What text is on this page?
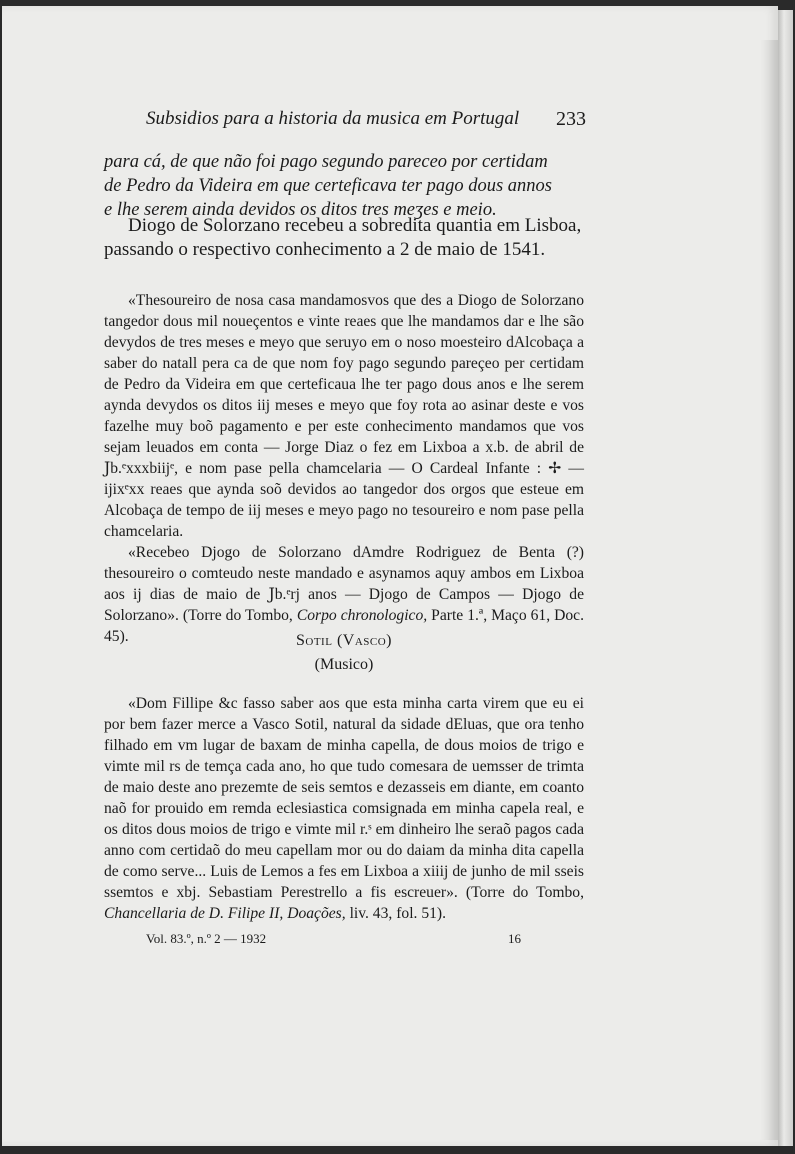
Subsidios para a historia da musica em Portugal 233
para cá, de que não foi pago segundo pareceo por certidam
de Pedro da Videira em que certeficava ter pago dous annos
e lhe serem ainda devidos os ditos tres meʒes e meio.
Diogo de Solorzano recebeu a sobredita quantia em Lisboa, passando o respectivo conhecimento a 2 de maio de 1541.

«Thesoureiro de nosa casa mandamosvos que des a Diogo de Solorzano tangedor dous mil noueçentos e vinte reaes que lhe mandamos dar e lhe são devydos de tres meses e meyo que seruyo em o noso moesteiro dAlcobaça a saber do natall pera ca de que nom foy pago segundo pareçeo per certidam de Pedro da Videira em que certeficaua lhe ter pago dous anos e lhe serem aynda devydos os ditos iij meses e meyo que foy rota ao asinar deste e vos fazelhe muy boõ pagamento e per este conhecimento mandamos que vos sejam leuados em conta — Jorge Diaz o fez em Lixboa a x.b. de abril de Ϳb.ᵉxxxbiijᵉ, e nom pase pella chamcelaria — O Cardeal Infante : ✢ — ijixᵉxx reaes que aynda soõ devidos ao tangedor dos orgos que esteue em Alcobaça de tempo de iij meses e meyo pago no tesoureiro e nom pase pella chamcelaria.

«Recebeo Djogo de Solorzano dAmdre Rodriguez de Benta (?) thesoureiro o comteudo neste mandado e asynamos aquy ambos em Lixboa aos ij dias de maio de Ϳb.ᵉrj anos — Djogo de Campos — Djogo de Solorzano». (Torre do Tombo, Corpo chronologico, Parte 1.ª, Maço 61, Doc. 45).	Sotil (Vasco)
(Musico)

«Dom Fillipe &c fasso saber aos que esta minha carta virem que eu ei por bem fazer merce a Vasco Sotil, natural da sidade dEluas, que ora tenho filhado em vm lugar de baxam de minha capella, de dous moios de trigo e vimte mil rs de temça cada ano, ho que tudo comesara de uemsser de trimta de maio deste ano prezemte de seis semtos e dezasseis em diante, em coanto naõ for prouido em remda eclesiastica comsignada em minha capela real, e os ditos dous moios de trigo e vimte mil r.ˢ em dinheiro lhe seraõ pagos cada anno com certidaõ do meu capellam mor ou do daiam da minha dita capella de como serve... Luis de Lemos a fes em Lixboa a xiiij de junho de mil sseis ssemtos e xbj. Sebastiam Perestrello a fis escreuer». (Torre do Tombo, Chancellaria de D. Filipe II, Doações, liv. 43, fol. 51).

Vol. 83.º, n.º 2 — 1932	16
